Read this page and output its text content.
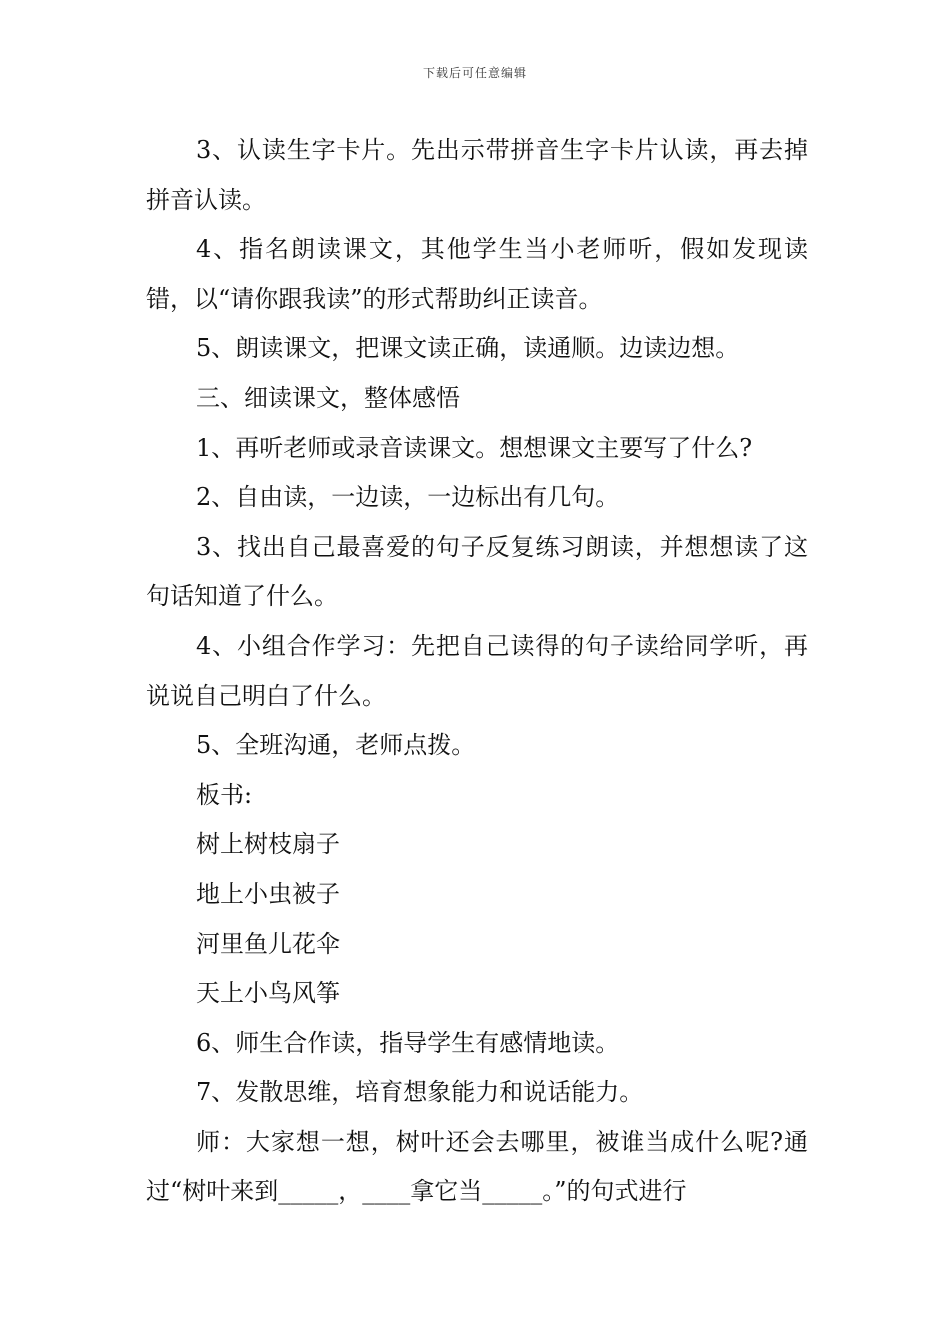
下载后可任意编辑

3、认读生字卡片。先出示带拼音生字卡片认读，再去掉拼音认读。

4、指名朗读课文，其他学生当小老师听，假如发现读错，以“请你跟我读”的形式帮助纠正读音。

5、朗读课文，把课文读正确，读通顺。边读边想。

三、细读课文，整体感悟

1、再听老师或录音读课文。想想课文主要写了什么?

2、自由读，一边读，一边标出有几句。

3、找出自己最喜爱的句子反复练习朗读，并想想读了这句话知道了什么。

4、小组合作学习：先把自己读得的句子读给同学听，再说说自己明白了什么。

5、全班沟通，老师点拨。

板书:

树上树枝扇子

地上小虫被子

河里鱼儿花伞

天上小鸟风筝

6、师生合作读，指导学生有感情地读。

7、发散思维，培育想象能力和说话能力。

师：大家想一想，树叶还会去哪里，被谁当成什么呢?通过“树叶来到_____，____拿它当_____。”的句式进行
